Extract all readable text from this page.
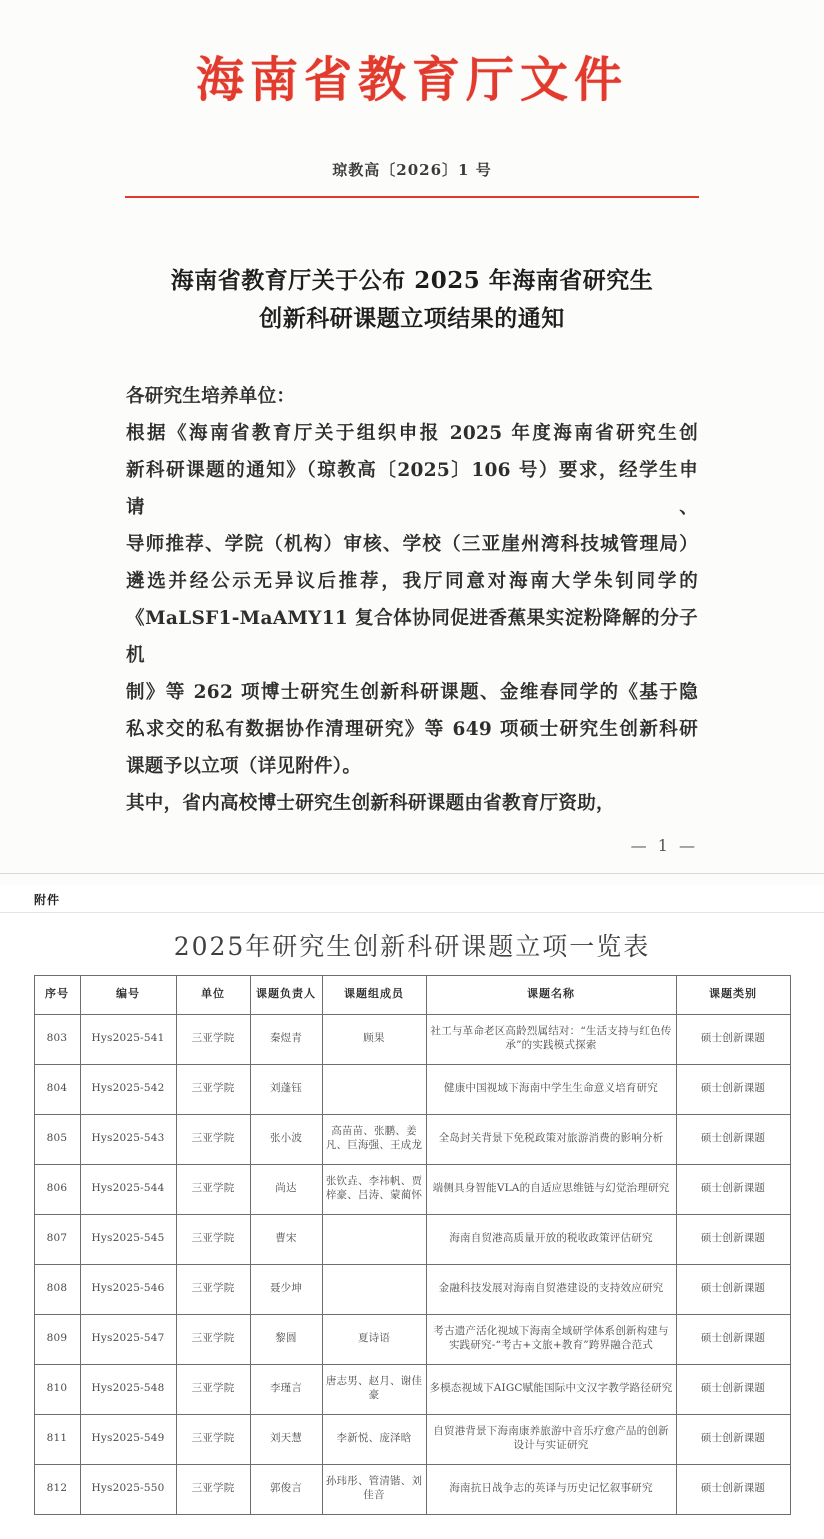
海南省教育厅文件
琼教高〔2026〕1 号
海南省教育厅关于公布 2025 年海南省研究生
创新科研课题立项结果的通知

各研究生培养单位：

根据《海南省教育厅关于组织申报 2025 年度海南省研究生创

新科研课题的通知》（琼教高〔2025〕106 号）要求，经学生申请、

导师推荐、学院（机构）审核、学校（三亚崖州湾科技城管理局）

遴选并经公示无异议后推荐，我厅同意对海南大学朱钊同学的

《MaLSF1-MaAMY11 复合体协同促进香蕉果实淀粉降解的分子机

制》等 262 项博士研究生创新科研课题、金维春同学的《基于隐

私求交的私有数据协作清理研究》等 649 项硕士研究生创新科研

课题予以立项（详见附件）。

其中，省内高校博士研究生创新科研课题由省教育厅资助，

— 1 —
附件
2025年研究生创新科研课题立项一览表
序号	编号	单位	课题负责人	课题组成员	课题名称	课题类别
803	Hys2025-541	三亚学院	秦煜青	顾果	社工与革命老区高龄烈属结对：“生活支持与红色传承”的实践模式探索	硕士创新课题
804	Hys2025-542	三亚学院	刘蓬钰		健康中国视域下海南中学生生命意义培育研究	硕士创新课题
805	Hys2025-543	三亚学院	张小波	高苗苗、张鹏、姜凡、巨海强、王成龙	全岛封关背景下免税政策对旅游消费的影响分析	硕士创新课题
806	Hys2025-544	三亚学院	尚达	张钦垚、李祎帆、贾梓豪、吕涛、蒙蔺怀	端侧具身智能VLA的自适应思维链与幻觉治理研究	硕士创新课题
807	Hys2025-545	三亚学院	曹宋		海南自贸港高质量开放的税收政策评估研究	硕士创新课题
808	Hys2025-546	三亚学院	聂少坤		金融科技发展对海南自贸港建设的支持效应研究	硕士创新课题
809	Hys2025-547	三亚学院	黎圆	夏诗语	考古遗产活化视域下海南全域研学体系创新构建与实践研究-“考古+文旅+教育”跨界融合范式	硕士创新课题
810	Hys2025-548	三亚学院	李瑾言	唐志男、赵月、谢佳豪	多模态视域下AIGC赋能国际中文汉字教学路径研究	硕士创新课题
811	Hys2025-549	三亚学院	刘天慧	李新悦、庞泽晗	自贸港背景下海南康养旅游中音乐疗愈产品的创新设计与实证研究	硕士创新课题
812	Hys2025-550	三亚学院	郭俊言	孙玮彤、管清锴、刘佳音	海南抗日战争志的英译与历史记忆叙事研究	硕士创新课题
